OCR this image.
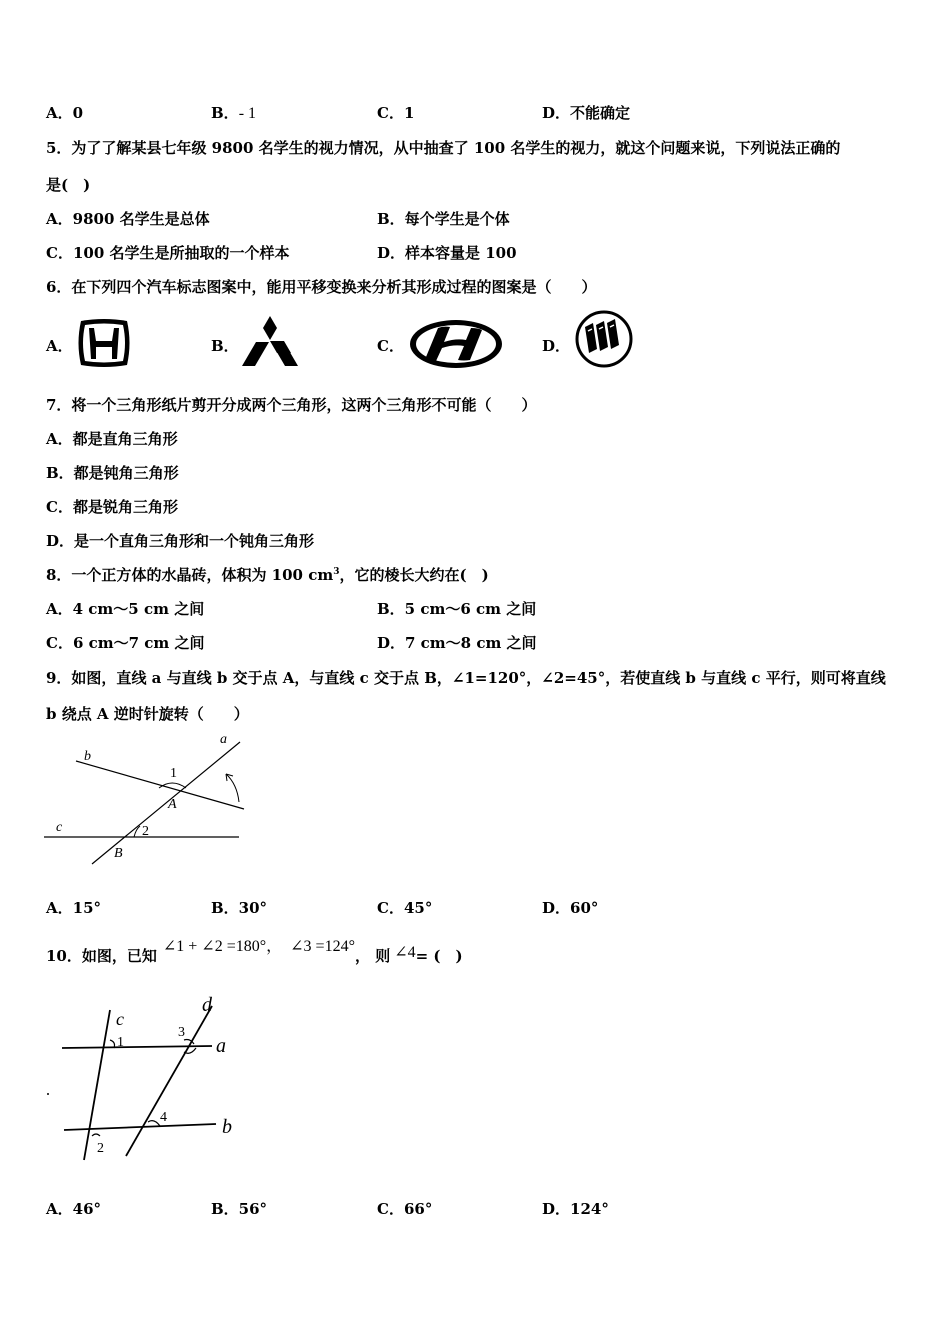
A．0	B．- 1	C．1	D．不能确定
5．为了了解某县七年级 9800 名学生的视力情况，从中抽查了 100 名学生的视力，就这个问题来说，下列说法正确的
是(　)
A．9800 名学生是总体	B．每个学生是个体
C．100 名学生是所抽取的一个样本	D．样本容量是 100
6．在下列四个汽车标志图案中，能用平移变换来分析其形成过程的图案是（　　）
A．	B．	C．	D．
7．将一个三角形纸片剪开分成两个三角形，这两个三角形不可能（　　）
A．都是直角三角形
B．都是钝角三角形
C．都是锐角三角形
D．是一个直角三角形和一个钝角三角形
8．一个正方体的水晶砖，体积为 100 $cm^3$，它的棱长大约在(　)
A．4 cm～5 cm 之间	B．5 cm～6 cm 之间
C．6 cm～7 cm 之间	D．7 cm～8 cm 之间
9．如图，直线 a 与直线 b 交于点 A，与直线 c 交于点 B，∠1=120°，∠2=45°，若使直线 b 与直线 c 平行，则可将直线
b 绕点 A 逆时针旋转（　　）
b
a
c
A
B
1
2
A．15°	B．30°	C．45°	D．60°
10．如图，已知∠1 + ∠2 =180°， ∠3 =124°， 则 ∠4= (　)
c
d
a
b
1
2
3
4
A．46°	B．56°	C．66°	D．124°
